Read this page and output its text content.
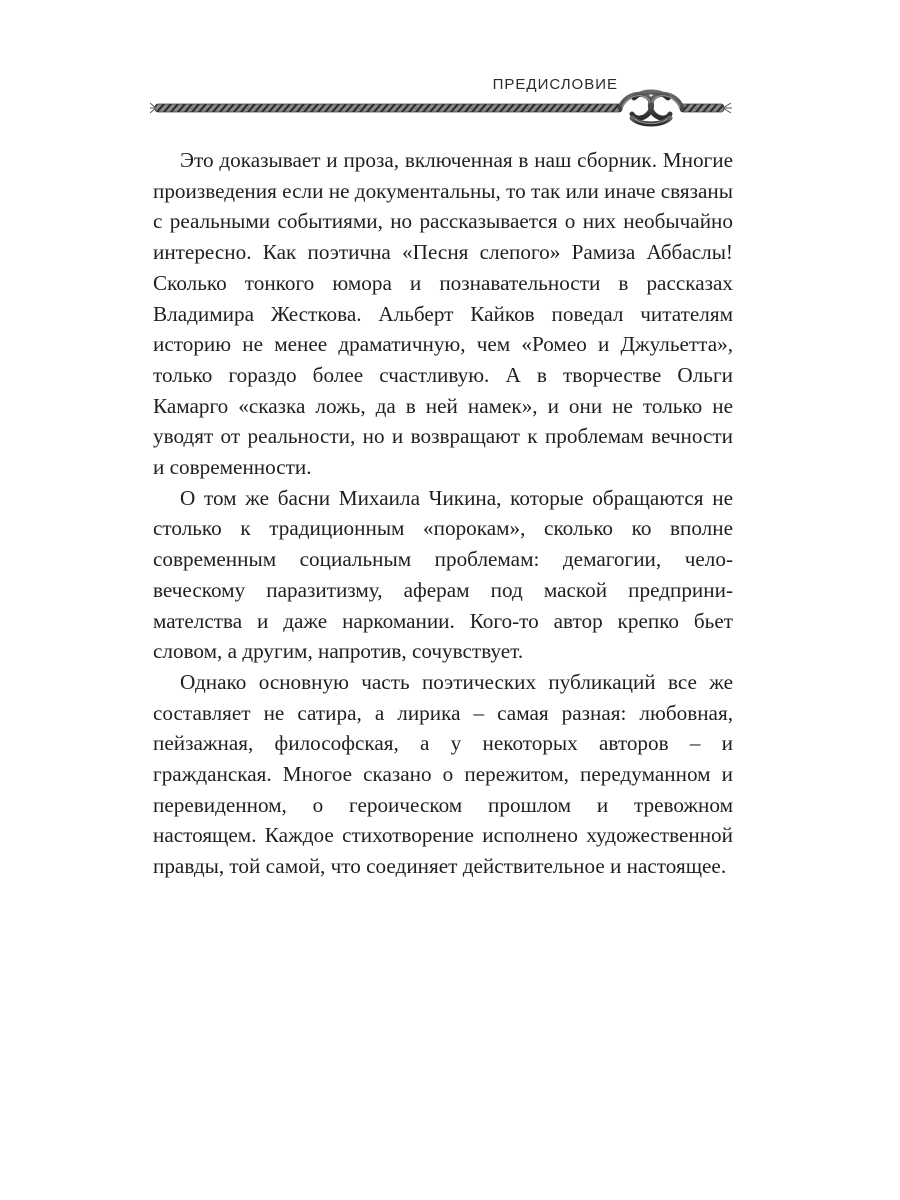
ПРЕДИСЛОВИЕ

Это доказывает и проза, включенная в наш сборник. Многие произведения если не документальны, то так или иначе связаны с реальными событиями, но рассказывается о них необычайно интересно. Как поэтична «Песня слепого» Рамиза Аббаслы! Сколько тонкого юмора и познавательности в рассказах Владимира Жесткова. Альберт Кайков поведал читателям историю не менее драматичную, чем «Ромео и Джульетта», только гораздо более счастливую. А в творчестве Ольги Камарго «сказка ложь, да в ней намек», и они не только не уводят от реальности, но и возвращают к проблемам вечности и современности.

О том же басни Михаила Чикина, которые обращаются не столько к традиционным «порокам», сколько ко вполне современным социальным проблемам: демагогии, человеческому паразитизму, аферам под маской предпринимателства и даже наркомании. Кого-то автор крепко бьет словом, а другим, напротив, сочувствует.

Однако основную часть поэтических публикаций все же составляет не сатира, а лирика – самая разная: любовная, пейзажная, философская, а у некоторых авторов – и гражданская. Многое сказано о пережитом, передуманном и перевиденном, о героическом прошлом и тревожном настоящем. Каждое стихотворение исполнено художественной правды, той самой, что соединяет действительное и настоящее.
